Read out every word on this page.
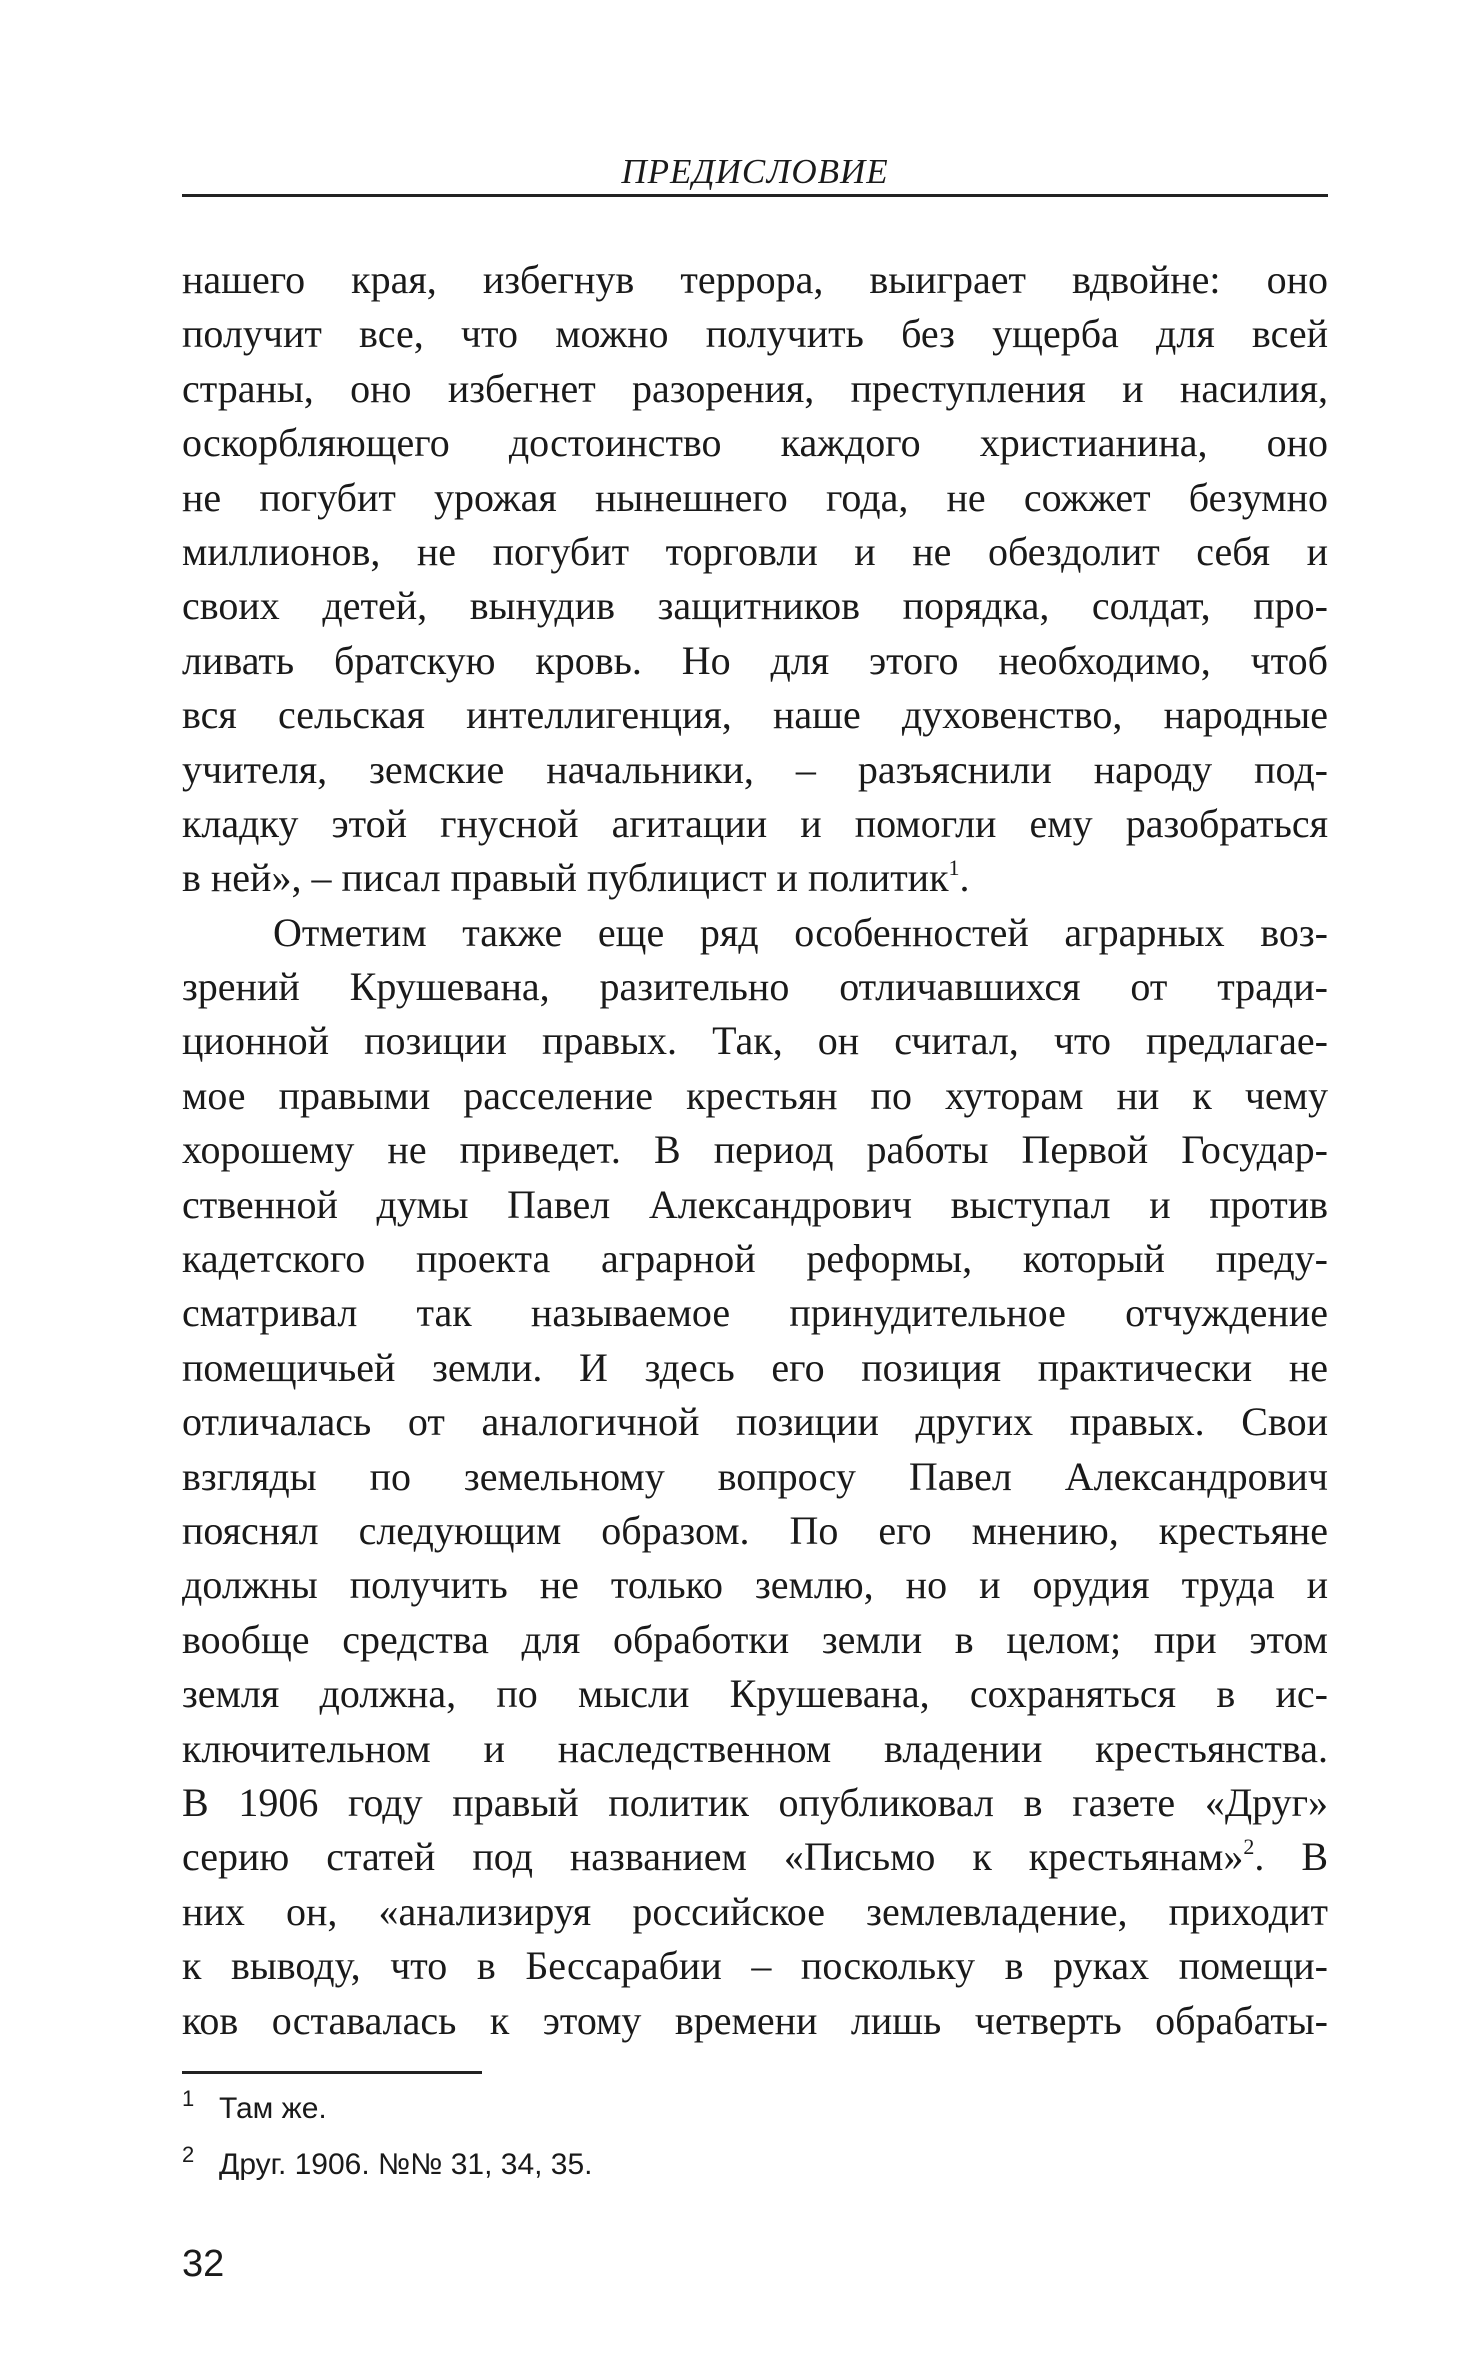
ПРЕДИСЛОВИЕ
нашего края, избегнув террора, выиграет вдвойне: оно
получит все, что можно получить без ущерба для всей
страны, оно избегнет разорения, преступления и насилия,
оскорбляющего достоинство каждого христианина, оно
не погубит урожая нынешнего года, не сожжет безумно
миллионов, не погубит торговли и не обездолит себя и
своих детей, вынудив защитников порядка, солдат, про-
ливать братскую кровь. Но для этого необходимо, чтоб
вся сельская интеллигенция, наше духовенство, народные
учителя, земские начальники, – разъяснили народу под-
кладку этой гнусной агитации и помогли ему разобраться
в ней», – писал правый публицист и политик$^1$.
Отметим также еще ряд особенностей аграрных воз-
зрений Крушевана, разительно отличавшихся от тради-
ционной позиции правых. Так, он считал, что предлагае-
мое правыми расселение крестьян по хуторам ни к чему
хорошему не приведет. В период работы Первой Государ-
ственной думы Павел Александрович выступал и против
кадетского проекта аграрной реформы, который преду-
сматривал так называемое принудительное отчуждение
помещичьей земли. И здесь его позиция практически не
отличалась от аналогичной позиции других правых. Свои
взгляды по земельному вопросу Павел Александрович
пояснял следующим образом. По его мнению, крестьяне
должны получить не только землю, но и орудия труда и
вообще средства для обработки земли в целом; при этом
земля должна, по мысли Крушевана, сохраняться в ис-
ключительном и наследственном владении крестьянства.
В 1906 году правый политик опубликовал в газете «Друг»
серию статей под названием «Письмо к крестьянам»$^2$. В
них он, «анализируя российское землевладение, приходит
к выводу, что в Бессарабии – поскольку в руках помещи-
ков оставалась к этому времени лишь четверть обрабаты-
1 Там же.
2 Друг. 1906. №№ 31, 34, 35.
32
